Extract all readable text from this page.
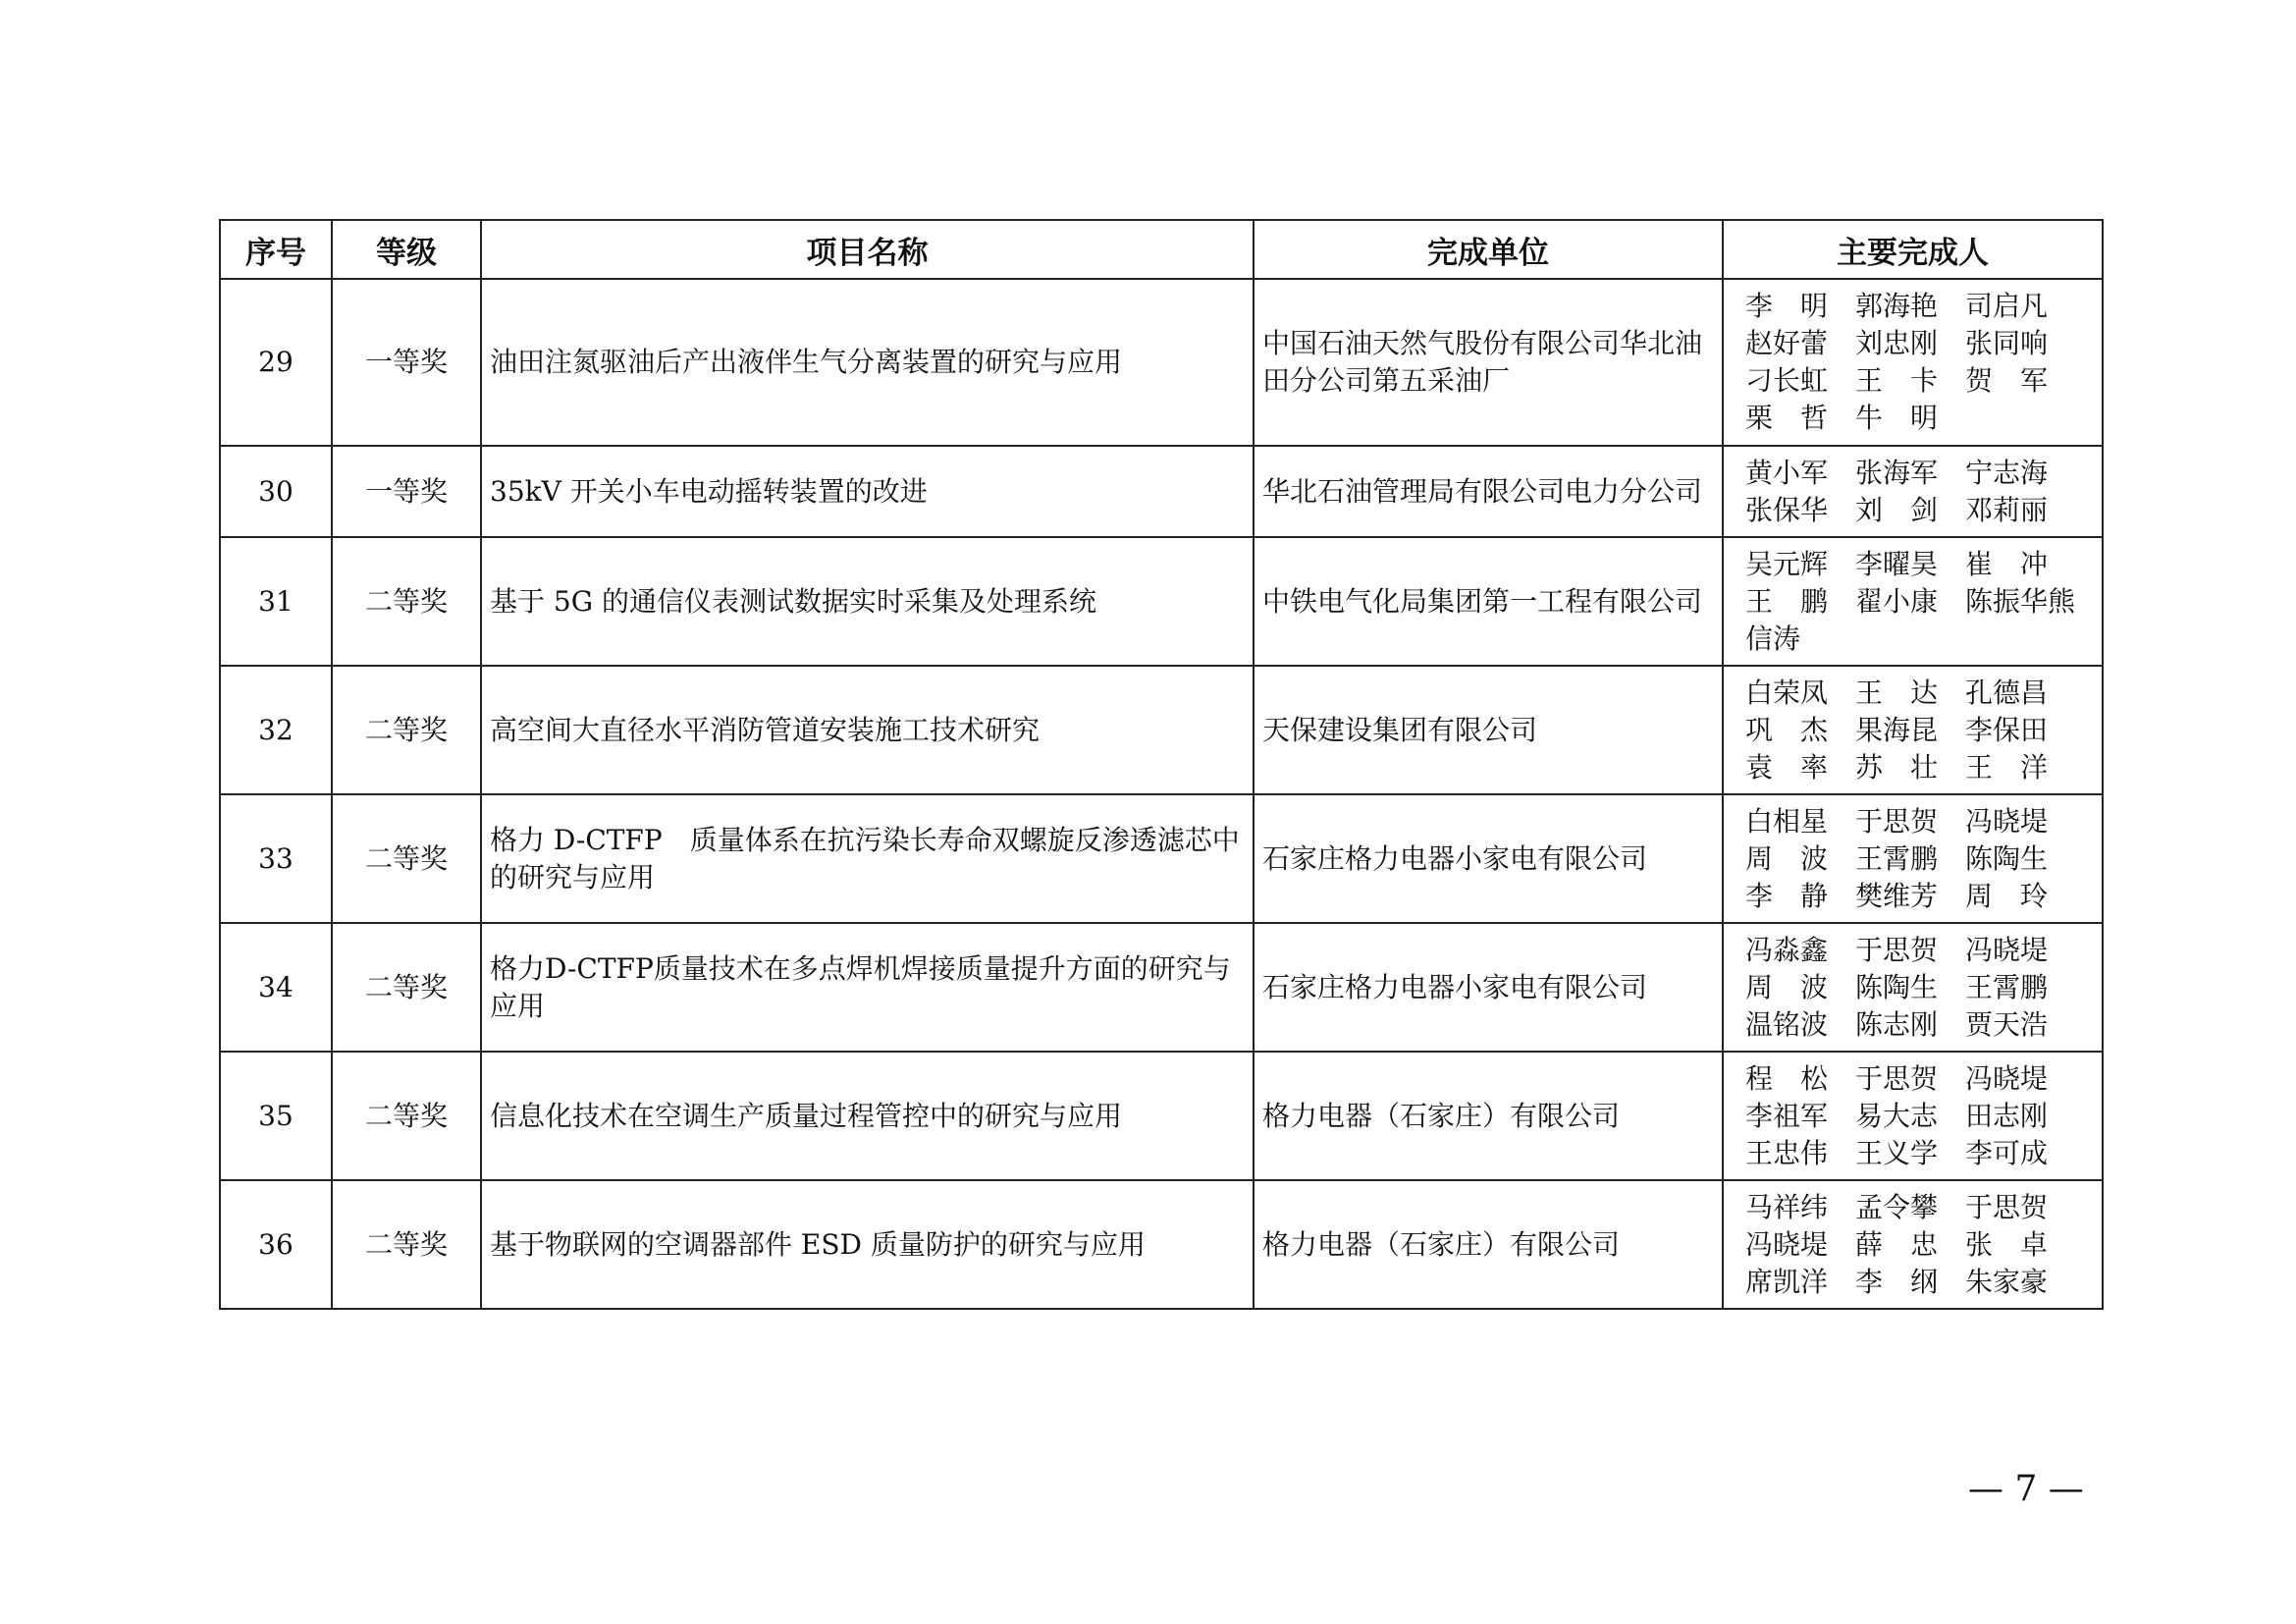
序号	等级	项目名称	完成单位	主要完成人
29	一等奖	油田注氮驱油后产出液伴生气分离装置的研究与应用	中国石油天然气股份有限公司华北油田分公司第五采油厂	李　明 郭海艳 司启凡
赵好蕾 刘忠刚 张同响
刁长虹 王　卡 贺　军
栗　哲 牛　明

30	一等奖	35kV 开关小车电动摇转装置的改进	华北石油管理局有限公司电力分公司	黄小军 张海军 宁志海
张保华 刘　剑 邓莉丽

31	二等奖	基于 5G 的通信仪表测试数据实时采集及处理系统	中铁电气化局集团第一工程有限公司	吴元辉 李曜昊 崔　冲
王　鹏 翟小康 陈振华熊
信涛

32	二等奖	高空间大直径水平消防管道安装施工技术研究	天保建设集团有限公司	白荣凤 王　达 孔德昌
巩　杰 果海昆 李保田
袁　率 苏　壮 王　洋

33	二等奖	格力 D-CTFP　质量体系在抗污染长寿命双螺旋反渗透滤芯中的研究与应用	石家庄格力电器小家电有限公司	白相星 于思贺 冯晓堤
周　波 王霄鹏 陈陶生
李　静 樊维芳 周　玲

34	二等奖	格力D-CTFP质量技术在多点焊机焊接质量提升方面的研究与应用	石家庄格力电器小家电有限公司	冯淼鑫 于思贺 冯晓堤
周　波 陈陶生 王霄鹏
温铭波 陈志刚 贾天浩

35	二等奖	信息化技术在空调生产质量过程管控中的研究与应用	格力电器（石家庄）有限公司	程　松 于思贺 冯晓堤
李祖军 易大志 田志刚
王忠伟 王义学 李可成

36	二等奖	基于物联网的空调器部件 ESD 质量防护的研究与应用	格力电器（石家庄）有限公司	马祥纬 孟令攀 于思贺
冯晓堤 薛　忠 张　卓
席凯洋 李　纲 朱家豪
— 7 —
